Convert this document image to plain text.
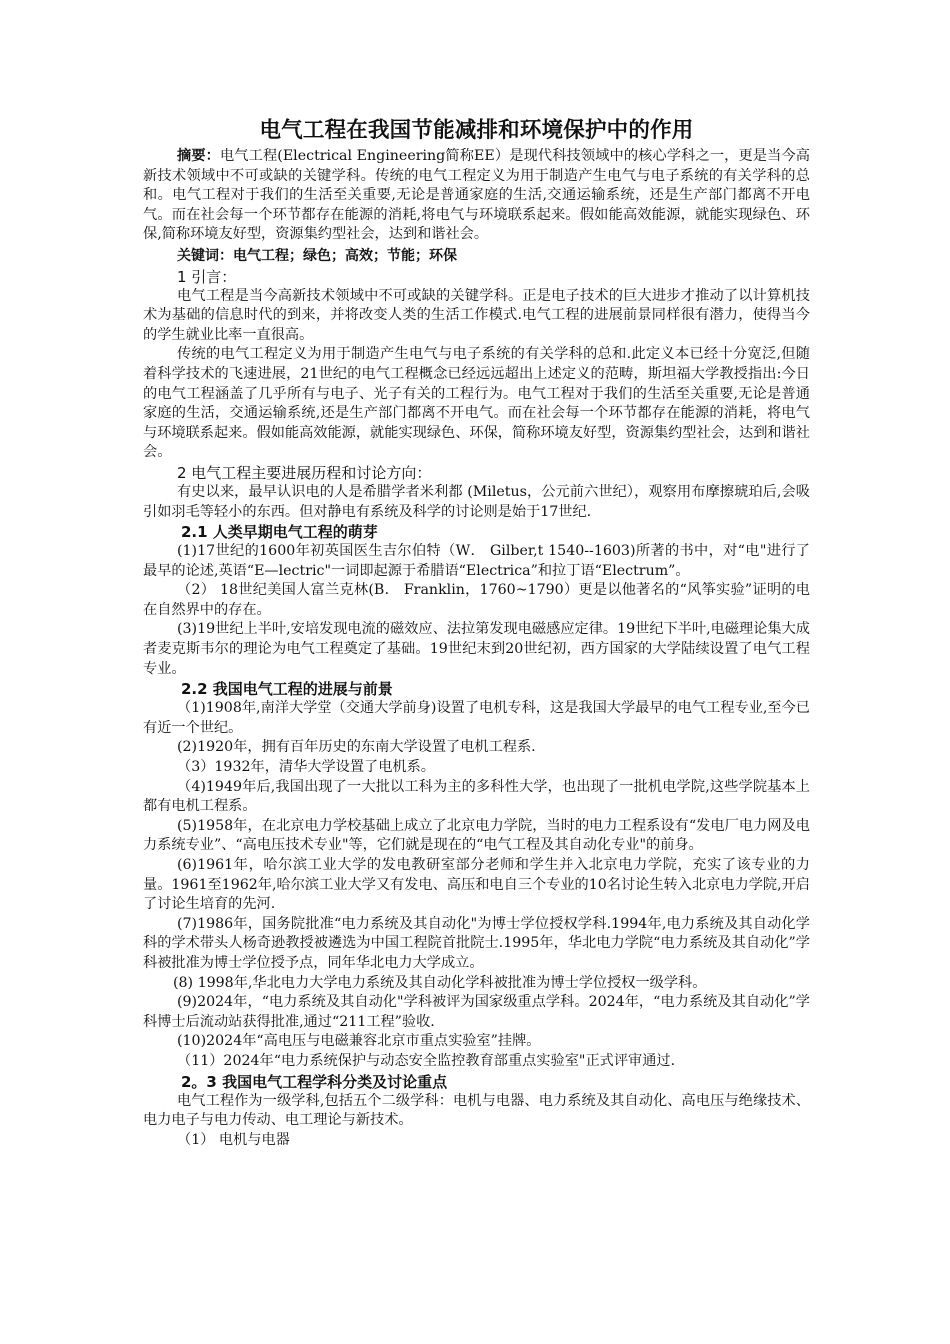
电气工程在我国节能减排和环境保护中的作用

摘要：电气工程(Electrical Engineering简称EE）是现代科技领域中的核心学科之一，更是当今高新技术领域中不可或缺的关键学科。传统的电气工程定义为用于制造产生电气与电子系统的有关学科的总和。电气工程对于我们的生活至关重要,无论是普通家庭的生活,交通运输系统，还是生产部门都离不开电气。而在社会每一个环节都存在能源的消耗,将电气与环境联系起来。假如能高效能源，就能实现绿色、环保,简称环境友好型，资源集约型社会，达到和谐社会。

关键词：电气工程；绿色；高效；节能；环保

1 引言：

电气工程是当今高新技术领域中不可或缺的关键学科。正是电子技术的巨大进步才推动了以计算机技术为基础的信息时代的到来，并将改变人类的生活工作模式.电气工程的进展前景同样很有潜力，使得当今的学生就业比率一直很高。

传统的电气工程定义为用于制造产生电气与电子系统的有关学科的总和.此定义本已经十分宽泛,但随着科学技术的飞速进展，21世纪的电气工程概念已经远远超出上述定义的范畴，斯坦福大学教授指出:今日的电气工程涵盖了几乎所有与电子、光子有关的工程行为。电气工程对于我们的生活至关重要,无论是普通家庭的生活，交通运输系统,还是生产部门都离不开电气。而在社会每一个环节都存在能源的消耗，将电气与环境联系起来。假如能高效能源，就能实现绿色、环保，简称环境友好型，资源集约型社会，达到和谐社会。

2 电气工程主要进展历程和讨论方向：

有史以来，最早认识电的人是希腊学者米利都 (Miletus，公元前六世纪），观察用布摩擦琥珀后,会吸引如羽毛等轻小的东西。但对静电有系统及科学的讨论则是始于17世纪.

2.1 人类早期电气工程的萌芽

(1)17世纪的1600年初英国医生吉尔伯特（W． Gilber,t 1540--1603)所著的书中，对“电"进行了最早的论述,英语“E—lectric"一词即起源于希腊语“Electrica”和拉丁语“Electrum”。

（2） 18世纪美国人富兰克林(B． Franklin，1760~1790）更是以他著名的“风筝实验”证明的电在自然界中的存在。

(3)19世纪上半叶,安培发现电流的磁效应、法拉第发现电磁感应定律。19世纪下半叶,电磁理论集大成者麦克斯韦尔的理论为电气工程奠定了基础。19世纪末到20世纪初，西方国家的大学陆续设置了电气工程专业。

2.2 我国电气工程的进展与前景

（1)1908年,南洋大学堂（交通大学前身)设置了电机专科，这是我国大学最早的电气工程专业,至今已有近一个世纪。

(2)1920年，拥有百年历史的东南大学设置了电机工程系.

（3）1932年，清华大学设置了电机系。

（4)1949年后,我国出现了一大批以工科为主的多科性大学，也出现了一批机电学院,这些学院基本上都有电机工程系。

(5)1958年，在北京电力学校基础上成立了北京电力学院，当时的电力工程系设有“发电厂电力网及电力系统专业”、“高电压技术专业"等，它们就是现在的“电气工程及其自动化专业"的前身。

(6)1961年，哈尔滨工业大学的发电教研室部分老师和学生并入北京电力学院，充实了该专业的力量。1961至1962年,哈尔滨工业大学又有发电、高压和电自三个专业的10名讨论生转入北京电力学院,开启了讨论生培育的先河.

(7)1986年，国务院批准“电力系统及其自动化"为博士学位授权学科.1994年,电力系统及其自动化学科的学术带头人杨奇逊教授被遴选为中国工程院首批院士.1995年，华北电力学院“电力系统及其自动化”学科被批准为博士学位授予点，同年华北电力大学成立。

(8) 1998年,华北电力大学电力系统及其自动化学科被批准为博士学位授权一级学科。

(9)2024年，“电力系统及其自动化"学科被评为国家级重点学科。2024年，“电力系统及其自动化”学科博士后流动站获得批准,通过“211工程”验收.

(10)2024年“高电压与电磁兼容北京市重点实验室”挂牌。

（11）2024年“电力系统保护与动态安全监控教育部重点实验室"正式评审通过.

2。3 我国电气工程学科分类及讨论重点

电气工程作为一级学科,包括五个二级学科：电机与电器、电力系统及其自动化、高电压与绝缘技术、电力电子与电力传动、电工理论与新技术。

（1） 电机与电器
